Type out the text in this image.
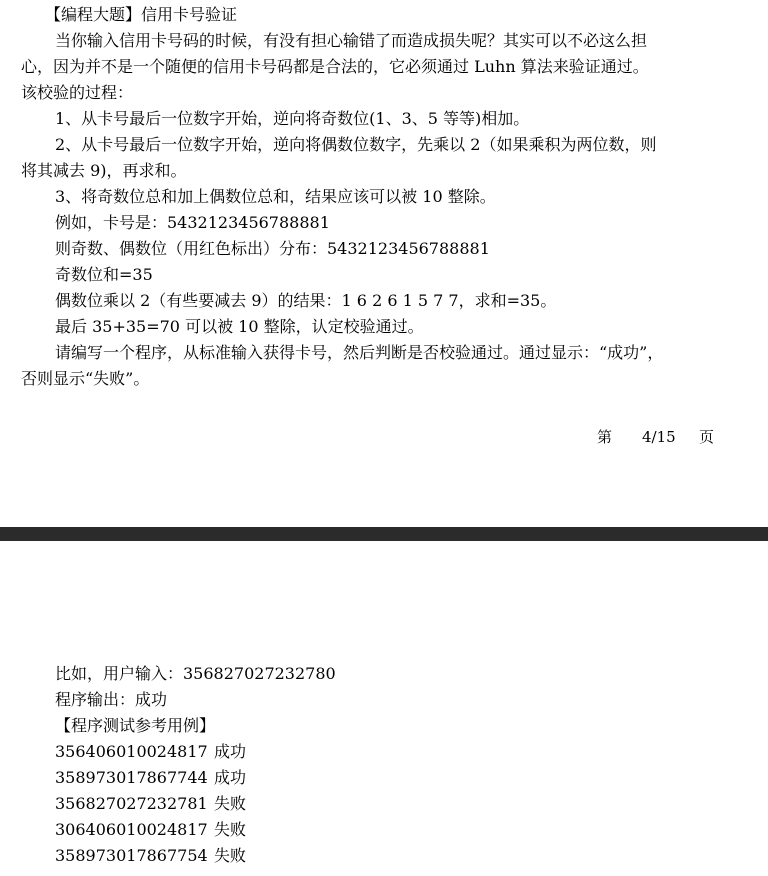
【编程大题】信用卡号验证
当你输入信用卡号码的时候，有没有担心输错了而造成损失呢？其实可以不必这么担
心，因为并不是一个随便的信用卡号码都是合法的，它必须通过 Luhn 算法来验证通过。
该校验的过程：
1、从卡号最后一位数字开始，逆向将奇数位(1、3、5 等等)相加。
2、从卡号最后一位数字开始，逆向将偶数位数字，先乘以 2（如果乘积为两位数，则
将其减去 9)，再求和。
3、将奇数位总和加上偶数位总和，结果应该可以被 10 整除。
例如，卡号是：5432123456788881
则奇数、偶数位（用红色标出）分布：5432123456788881
奇数位和=35
偶数位乘以 2（有些要减去 9）的结果：1 6 2 6 1 5 7 7，求和=35。
最后 35+35=70 可以被 10 整除，认定校验通过。
请编写一个程序，从标准输入获得卡号，然后判断是否校验通过。通过显示：“成功”，
否则显示“失败”。
第 4/15 页
比如，用户输入：356827027232780
程序输出：成功
【程序测试参考用例】
356406010024817 成功
358973017867744 成功
356827027232781 失败
306406010024817 失败
358973017867754 失败
